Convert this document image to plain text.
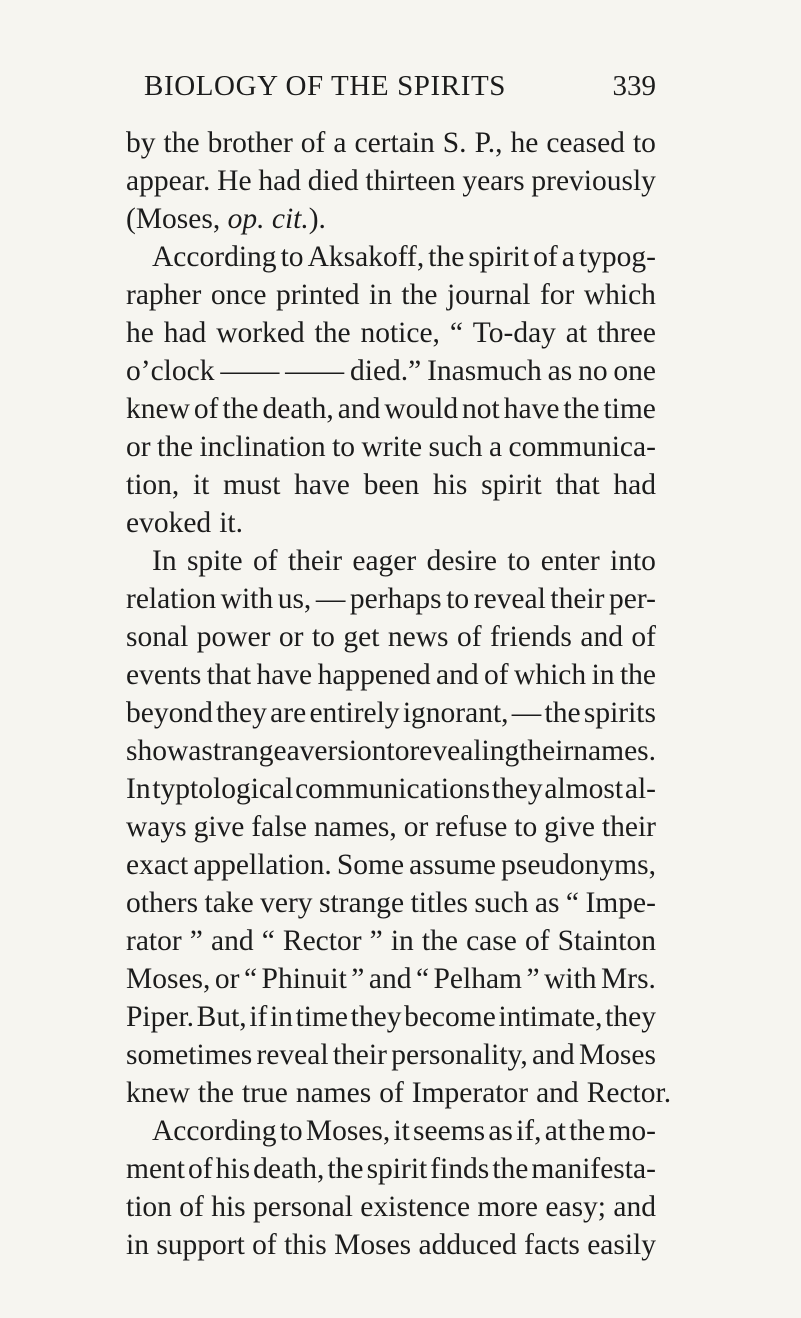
BIOLOGY OF THE SPIRITS	339
by the brother of a certain S. P., he ceased to
appear. He had died thirteen years previously
(Moses, op. cit. ).
According to Aksakoff, the spirit of a typog-
rapher once printed in the journal for which
he had worked the notice, “ To-day at three
o’clock —— —— died.” Inasmuch as no one
knew of the death, and would not have the time
or the inclination to write such a communica-
tion, it must have been his spirit that had
evoked it.
In spite of their eager desire to enter into
relation with us, — perhaps to reveal their per-
sonal power or to get news of friends and of
events that have happened and of which in the
beyond they are entirely ignorant, — the spirits
show a strange aversion to revealing their names.
In typtological communications they almost al-
ways give false names, or refuse to give their
exact appellation. Some assume pseudonyms,
others take very strange titles such as “ Impe-
rator ” and “ Rector ” in the case of Stainton
Moses, or “ Phinuit ” and “ Pelham ” with Mrs.
Piper. But, if in time they become intimate, they
sometimes reveal their personality, and Moses
knew the true names of Imperator and Rector.
According to Moses, it seems as if, at the mo-
ment of his death, the spirit finds the manifesta-
tion of his personal existence more easy; and
in support of this Moses adduced facts easily
